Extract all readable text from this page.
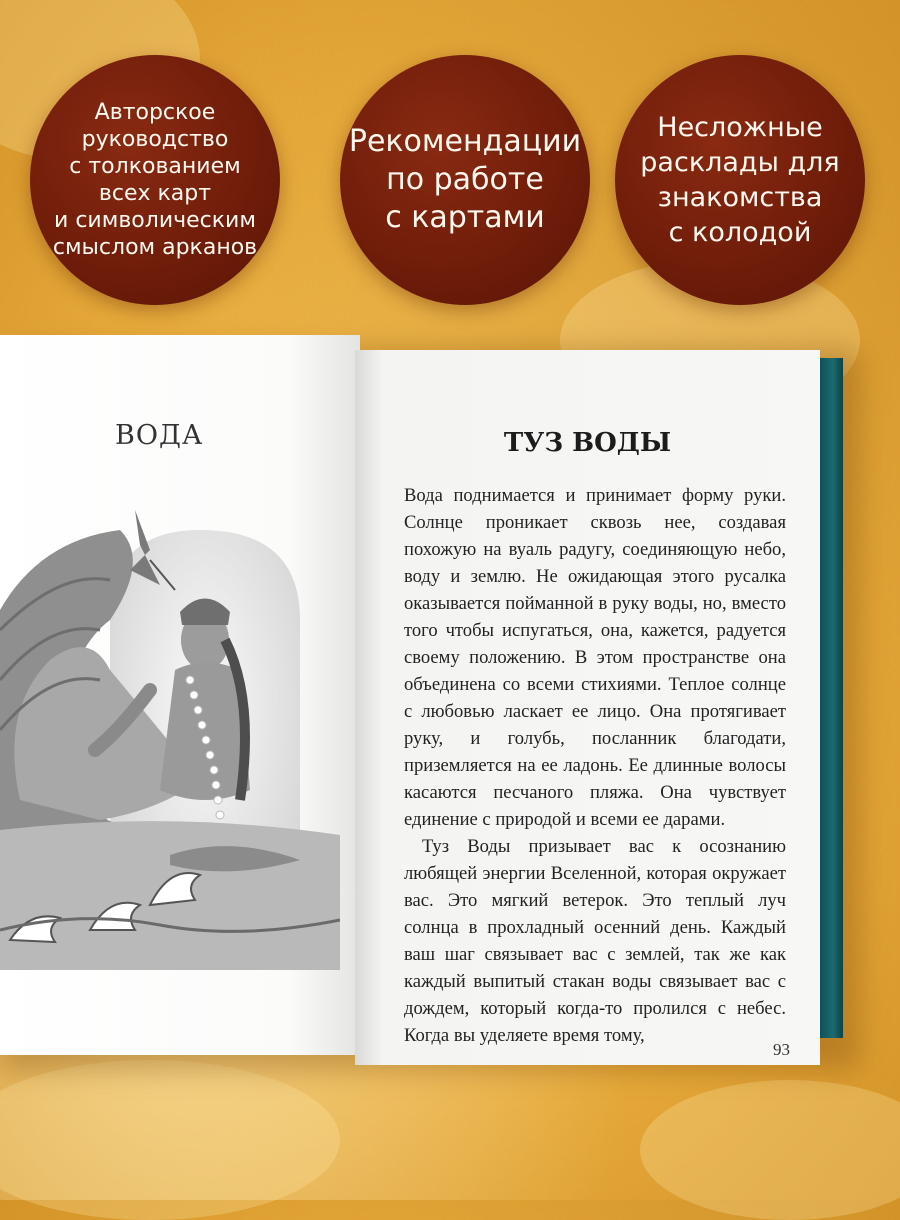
Авторское
руководство
с толкованием
всех карт
и символическим
смыслом арканов
Рекомендации
по работе
с картами
Несложные
расклады для
знакомства
с колодой
ВОДА	ТУЗ ВОДЫ

Вода поднимается и принимает форму руки. Солнце проникает сквозь нее, создавая похожую на вуаль радугу, соединяющую небо, воду и землю. Не ожидающая этого русалка оказывается пойманной в руку воды, но, вместо того чтобы испугаться, она, кажется, радуется своему положению. В этом пространстве она объединена со всеми стихиями. Теплое солнце с любовью ласкает ее лицо. Она протягивает руку, и голубь, посланник благодати, приземляется на ее ладонь. Ее длинные волосы касаются песчаного пляжа. Она чувствует единение с природой и всеми ее дарами.

Туз Воды призывает вас к осознанию любящей энергии Вселенной, которая окружает вас. Это мягкий ветерок. Это теплый луч солнца в прохладный осенний день. Каждый ваш шаг связывает вас с землей, так же как каждый выпитый стакан воды связывает вас с дождем, который когда-то пролился с небес. Когда вы уделяете время тому,

93
